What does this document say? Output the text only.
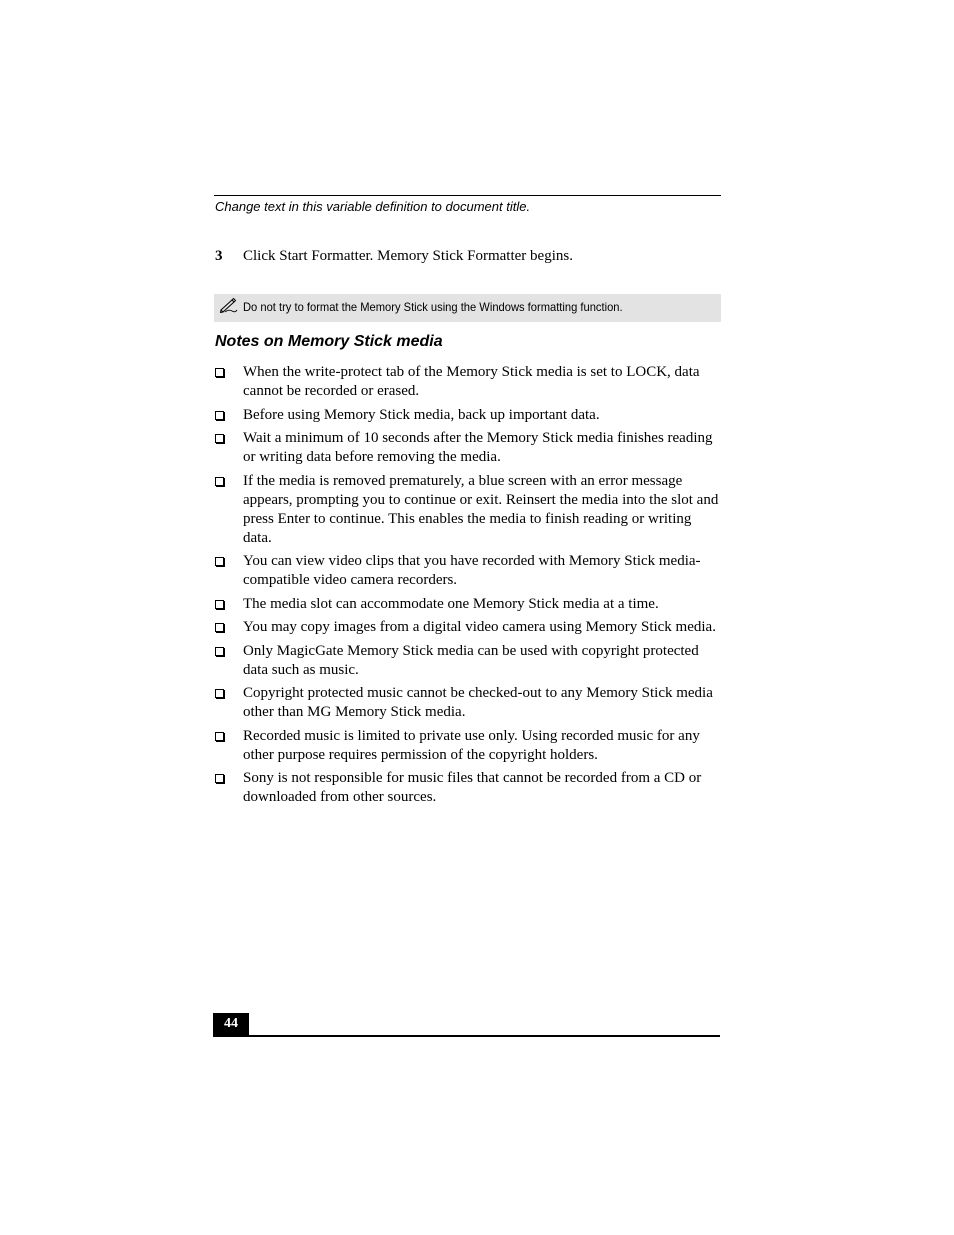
Change text in this variable definition to document title.
3 Click Start Formatter. Memory Stick Formatter begins.
Do not try to format the Memory Stick using the Windows formatting function.
Notes on Memory Stick media
When the write-protect tab of the Memory Stick media is set to LOCK, data cannot be recorded or erased.
Before using Memory Stick media, back up important data.
Wait a minimum of 10 seconds after the Memory Stick media finishes reading or writing data before removing the media.
If the media is removed prematurely, a blue screen with an error message appears, prompting you to continue or exit. Reinsert the media into the slot and press Enter to continue. This enables the media to finish reading or writing data.
You can view video clips that you have recorded with Memory Stick media-compatible video camera recorders.
The media slot can accommodate one Memory Stick media at a time.
You may copy images from a digital video camera using Memory Stick media.
Only MagicGate Memory Stick media can be used with copyright protected data such as music.
Copyright protected music cannot be checked-out to any Memory Stick media other than MG Memory Stick media.
Recorded music is limited to private use only. Using recorded music for any other purpose requires permission of the copyright holders.
Sony is not responsible for music files that cannot be recorded from a CD or downloaded from other sources.
44
